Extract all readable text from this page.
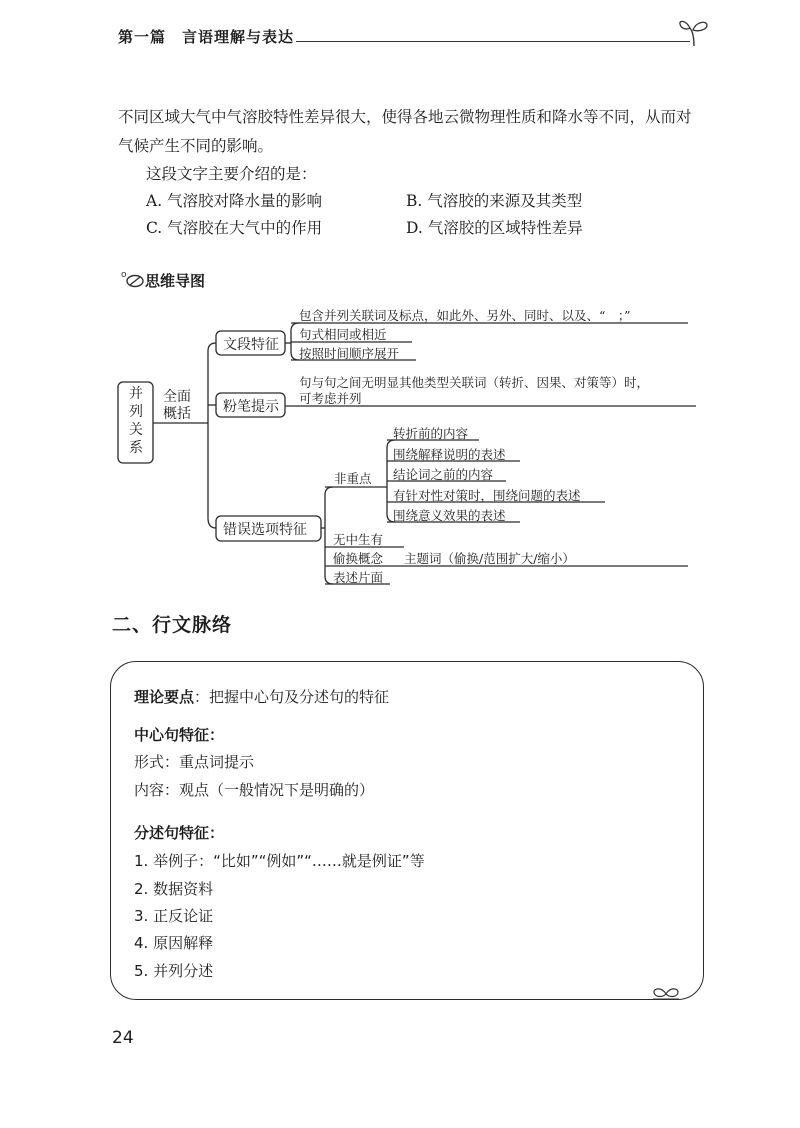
第一篇　言语理解与表达
不同区域大气中气溶胶特性差异很大，使得各地云微物理性质和降水等不同，从而对
气候产生不同的影响。
这段文字主要介绍的是：
A. 气溶胶对降水量的影响	B. 气溶胶的来源及其类型
C. 气溶胶在大气中的作用	D. 气溶胶的区域特性差异
o 思维导图
并
列
关
系
全面
概括
文段特征
粉笔提示
错误选项特征
包含并列关联词及标点，如此外、另外、同时、以及、“　；”
句式相同或相近
按照时间顺序展开
句与句之间无明显其他类型关联词（转折、因果、对策等）时，
可考虑并列
非重点
转折前的内容
围绕解释说明的表述
结论词之前的内容
有针对性对策时，围绕问题的表述
围绕意义效果的表述
无中生有
偷换概念 主题词（偷换/范围扩大/缩小）
表述片面
二、行文脉络
理论要点：把握中心句及分述句的特征
中心句特征：
形式：重点词提示
内容：观点（一般情况下是明确的）
分述句特征：
1. 举例子：“比如”“例如”“……就是例证”等
2. 数据资料
3. 正反论证
4. 原因解释
5. 并列分述
24
